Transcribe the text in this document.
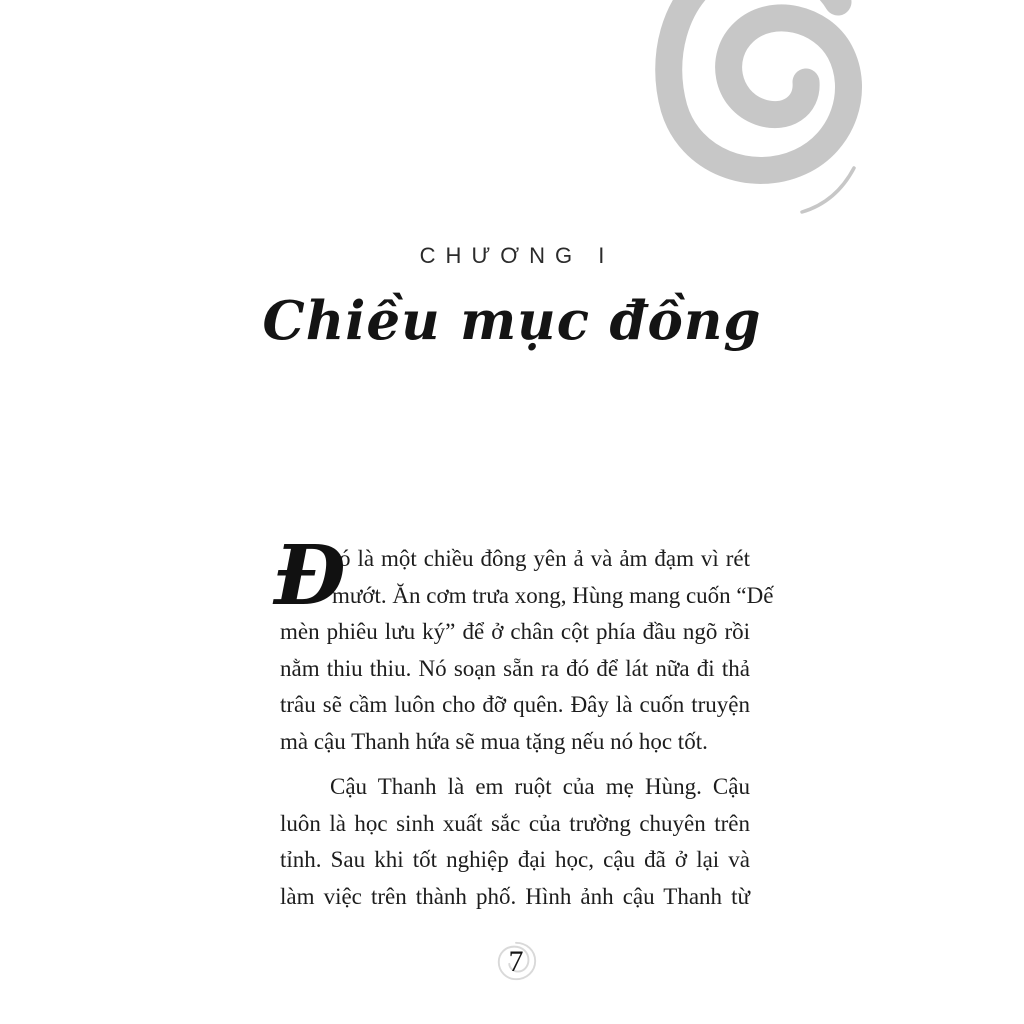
CHƯƠNG I
Chiều mục đồng
Đ
ó là một chiều đông yên ả và ảm đạm vì rét
mướt. Ăn cơm trưa xong, Hùng mang cuốn “Dế
mèn phiêu lưu ký” để ở chân cột phía đầu ngõ rồi
nằm thiu thiu. Nó soạn sẵn ra đó để lát nữa đi thả
trâu sẽ cầm luôn cho đỡ quên. Đây là cuốn truyện
mà cậu Thanh hứa sẽ mua tặng nếu nó học tốt.
Cậu Thanh là em ruột của mẹ Hùng. Cậu
luôn là học sinh xuất sắc của trường chuyên trên
tỉnh. Sau khi tốt nghiệp đại học, cậu đã ở lại và
làm việc trên thành phố. Hình ảnh cậu Thanh từ
7
